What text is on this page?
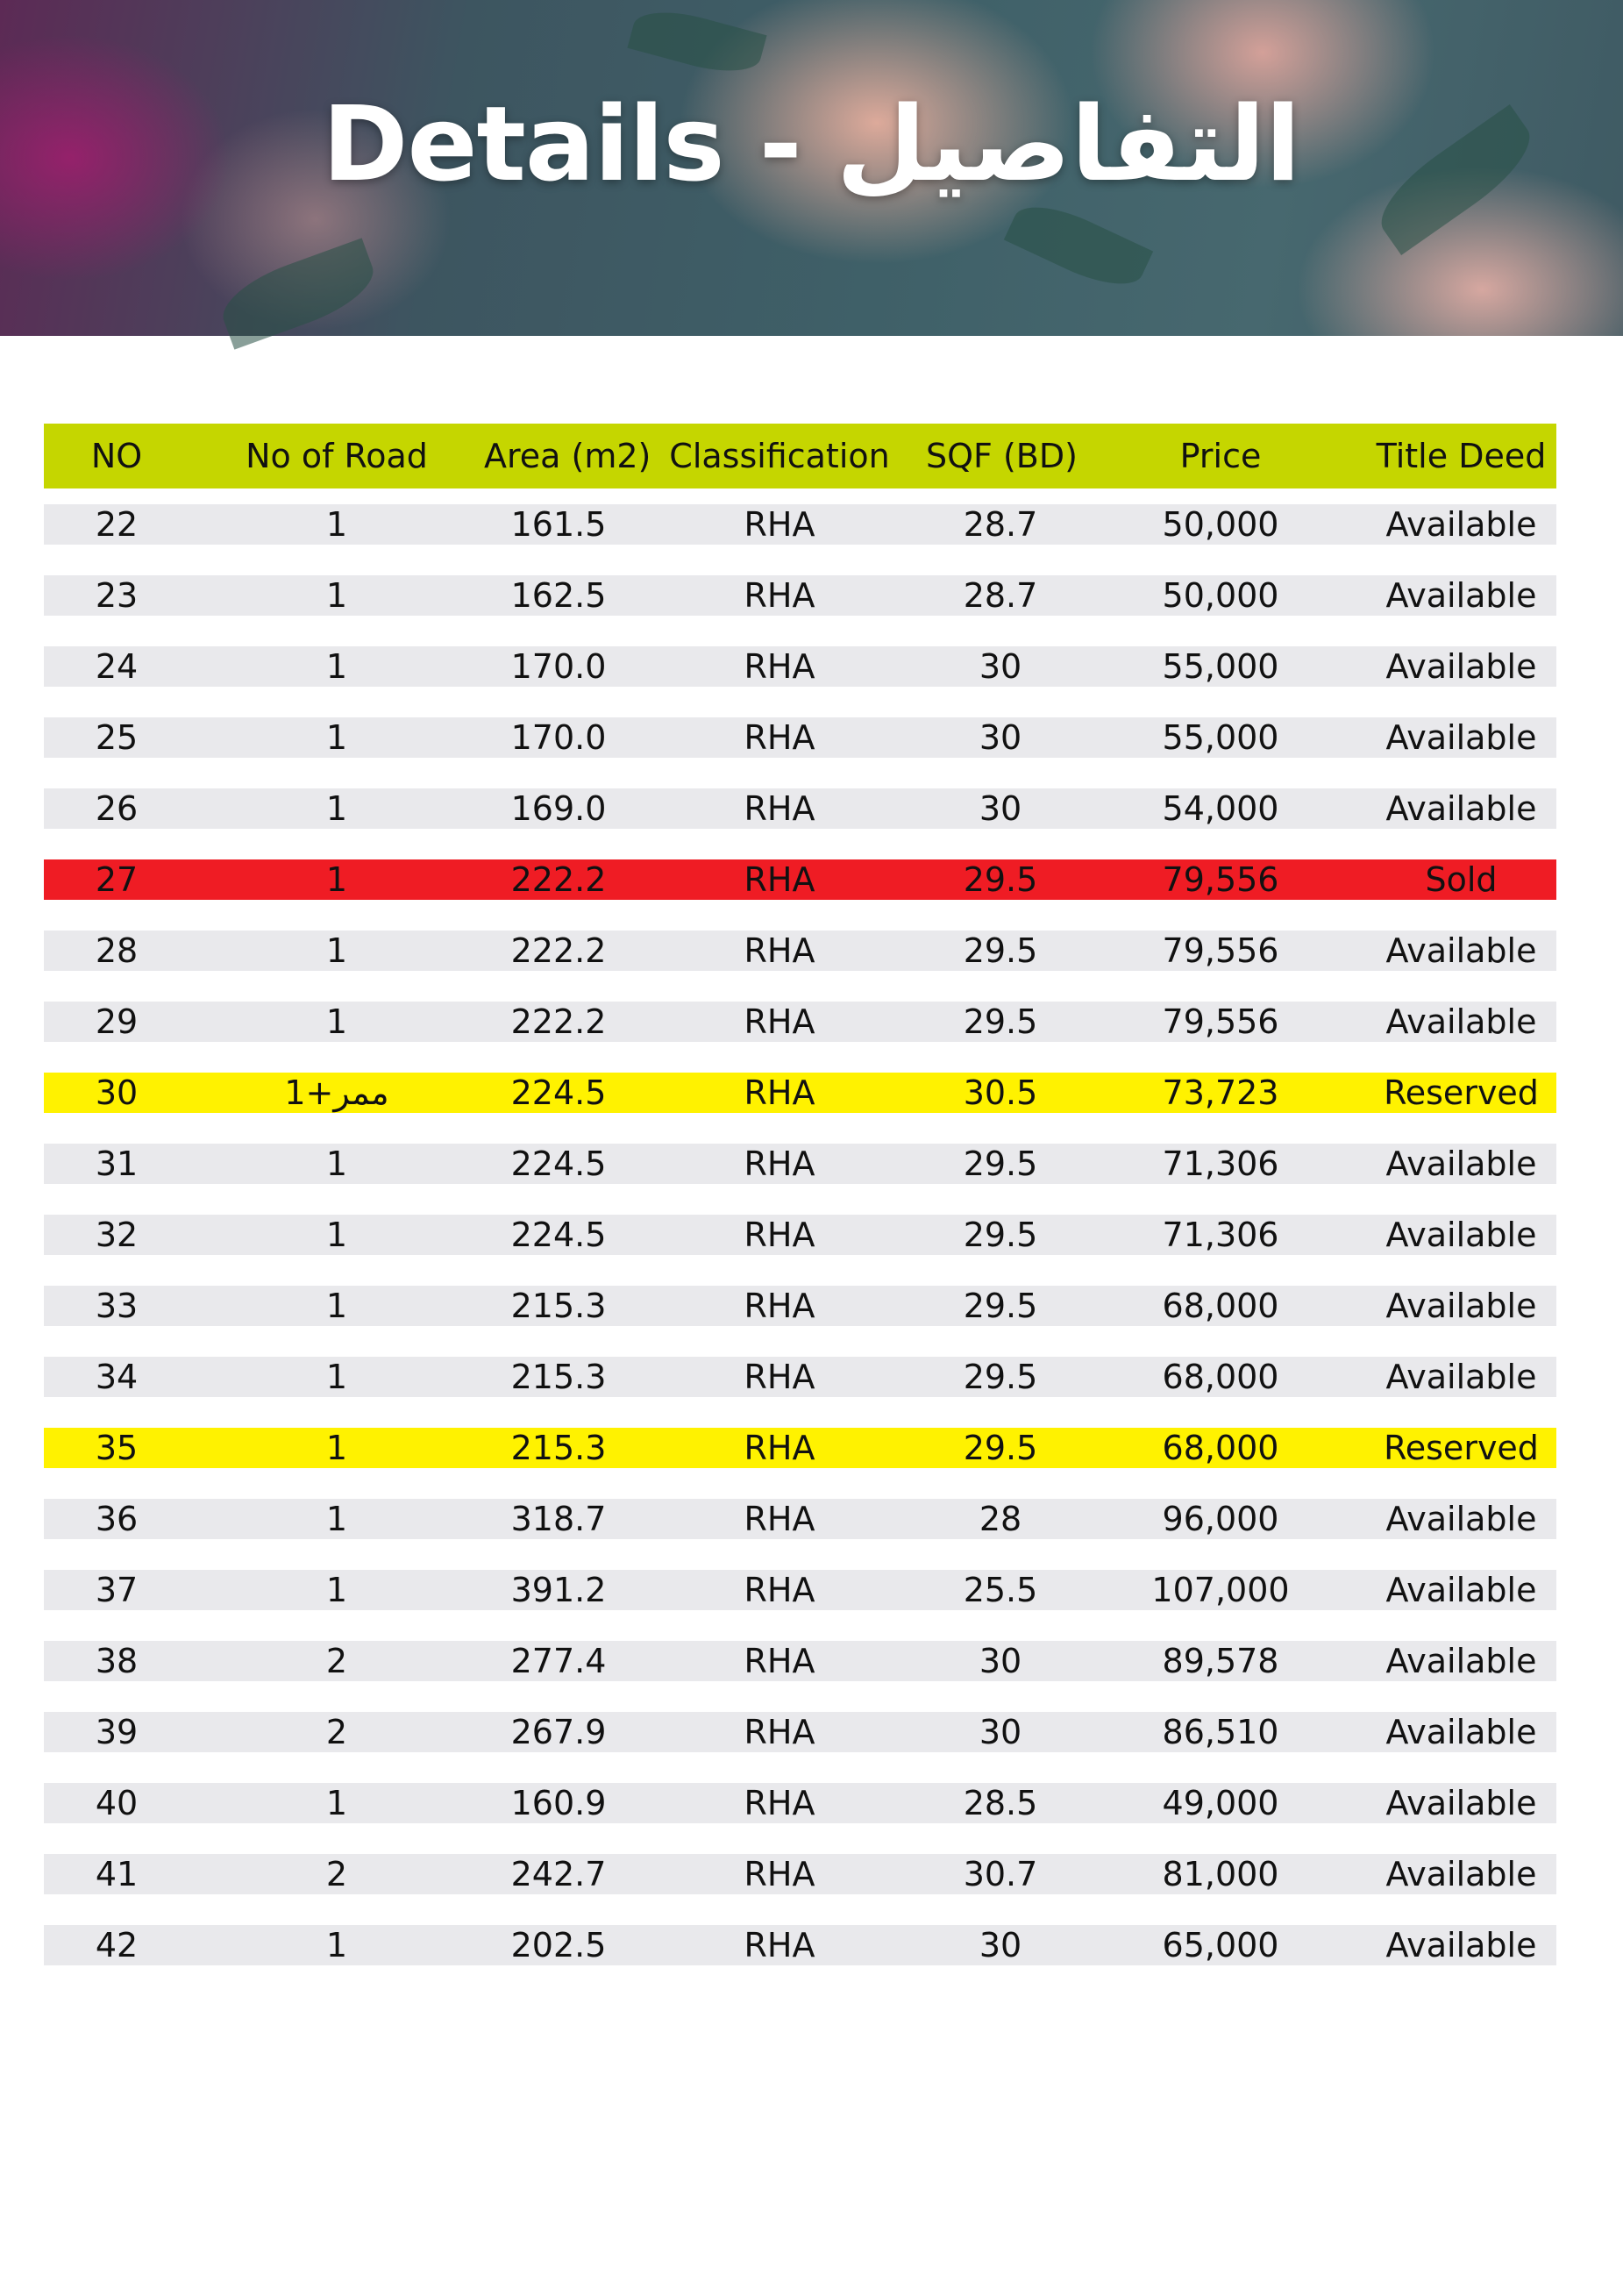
Details - التفاصيل
NO	No of Road	Area (m2) Classification	SQF (BD)	Price	Title Deed
22	1	161.5	RHA	28.7	50,000	Available
23	1	162.5	RHA	28.7	50,000	Available
24	1	170.0	RHA	30	55,000	Available
25	1	170.0	RHA	30	55,000	Available
26	1	169.0	RHA	30	54,000	Available
27	1	222.2	RHA	29.5	79,556	Sold
28	1	222.2	RHA	29.5	79,556	Available
29	1	222.2	RHA	29.5	79,556	Available
30	1+ممر	224.5	RHA	30.5	73,723	Reserved
31	1	224.5	RHA	29.5	71,306	Available
32	1	224.5	RHA	29.5	71,306	Available
33	1	215.3	RHA	29.5	68,000	Available
34	1	215.3	RHA	29.5	68,000	Available
35	1	215.3	RHA	29.5	68,000	Reserved
36	1	318.7	RHA	28	96,000	Available
37	1	391.2	RHA	25.5	107,000	Available
38	2	277.4	RHA	30	89,578	Available
39	2	267.9	RHA	30	86,510	Available
40	1	160.9	RHA	28.5	49,000	Available
41	2	242.7	RHA	30.7	81,000	Available
42	1	202.5	RHA	30	65,000	Available
